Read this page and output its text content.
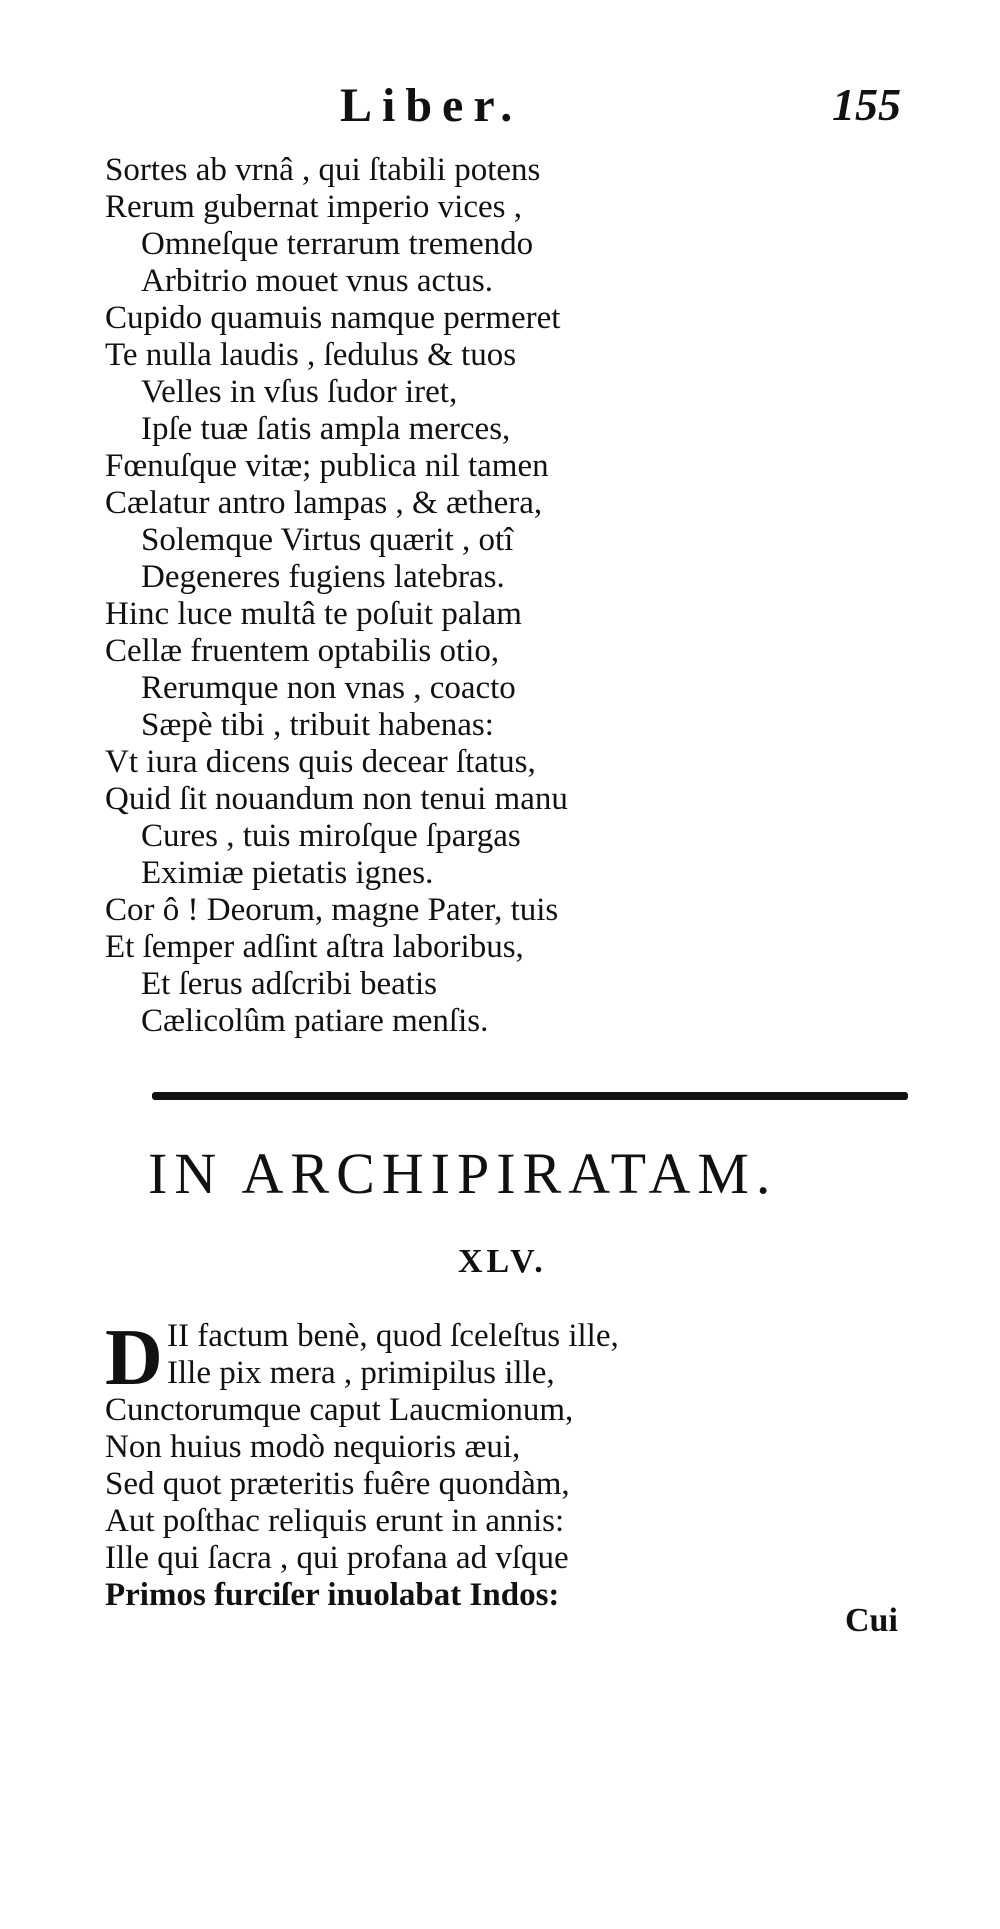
Liber.	155
Sortes ab vrnâ , qui ſtabili potens
Rerum gubernat imperio vices ,
Omneſque terrarum tremendo
Arbitrio mouet vnus actus.
Cupido quamuis namque permeret
Te nulla laudis , ſedulus & tuos
Velles in vſus ſudor iret,
Ipſe tuæ ſatis ampla merces,
Fœnuſque vitæ; publica nil tamen
Cælatur antro lampas , & æthera,
Solemque Virtus quærit , otî
Degeneres fugiens latebras.
Hinc luce multâ te poſuit palam
Cellæ fruentem optabilis otio,
Rerumque non vnas , coacto
Sæpè tibi , tribuit habenas:
Vt iura dicens quis decear ſtatus,
Quid ſit nouandum non tenui manu
Cures , tuis miroſque ſpargas
Eximiæ pietatis ignes.
Cor ô ! Deorum, magne Pater, tuis
Et ſemper adſint aſtra laboribus,
Et ſerus adſcribi beatis
Cælicolûm patiare menſis.
IN ARCHIPIRATAM.
XLV.
D II factum benè, quod ſceleſtus ille,
Ille pix mera , primipilus ille,
Cunctorumque caput Laucmionum,
Non huius modò nequioris æui,
Sed quot præteritis fuêre quondàm,
Aut poſthac reliquis erunt in annis:
Ille qui ſacra , qui profana ad vſque
Primos furciſer inuolabat Indos:
Cui
